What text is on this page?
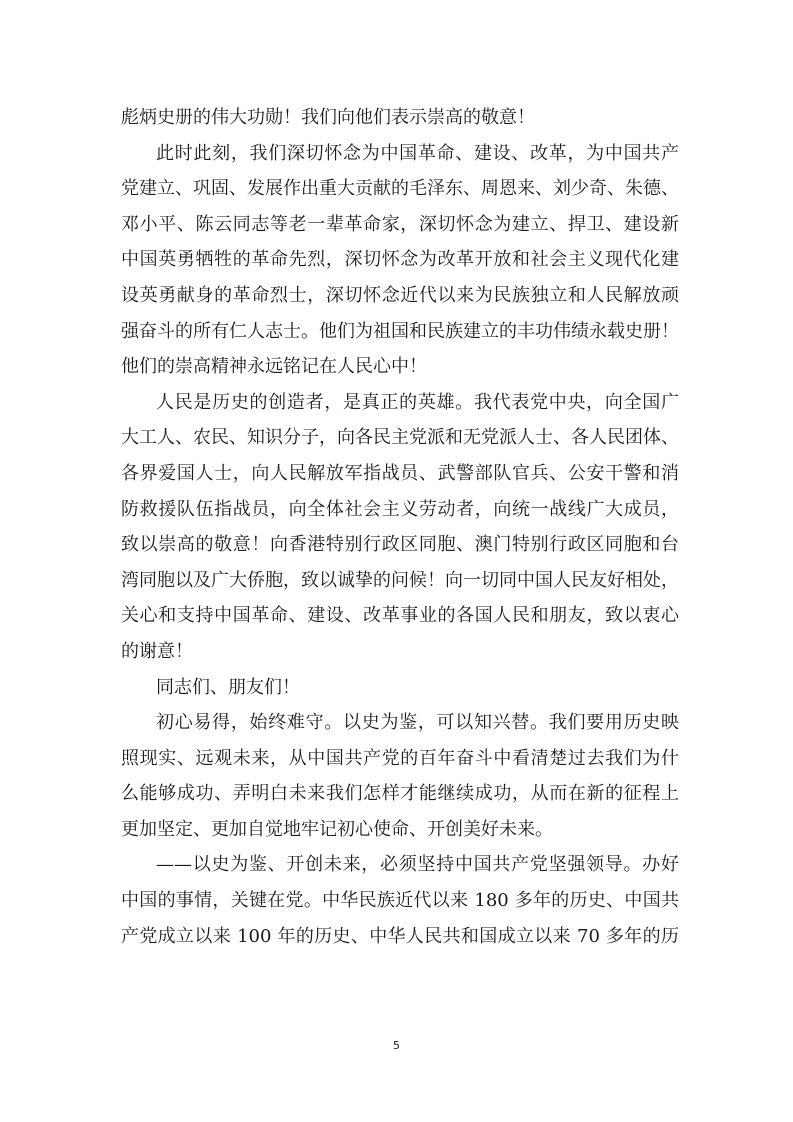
彪炳史册的伟大功勋！我们向他们表示崇高的敬意！
此时此刻，我们深切怀念为中国革命、建设、改革，为中国共产
党建立、巩固、发展作出重大贡献的毛泽东、周恩来、刘少奇、朱德、
邓小平、陈云同志等老一辈革命家，深切怀念为建立、捍卫、建设新
中国英勇牺牲的革命先烈，深切怀念为改革开放和社会主义现代化建
设英勇献身的革命烈士，深切怀念近代以来为民族独立和人民解放顽
强奋斗的所有仁人志士。他们为祖国和民族建立的丰功伟绩永载史册！
他们的崇高精神永远铭记在人民心中！
人民是历史的创造者，是真正的英雄。我代表党中央，向全国广
大工人、农民、知识分子，向各民主党派和无党派人士、各人民团体、
各界爱国人士，向人民解放军指战员、武警部队官兵、公安干警和消
防救援队伍指战员，向全体社会主义劳动者，向统一战线广大成员，
致以崇高的敬意！向香港特别行政区同胞、澳门特别行政区同胞和台
湾同胞以及广大侨胞，致以诚挚的问候！向一切同中国人民友好相处，
关心和支持中国革命、建设、改革事业的各国人民和朋友，致以衷心
的谢意！
同志们、朋友们！
初心易得，始终难守。以史为鉴，可以知兴替。我们要用历史映
照现实、远观未来，从中国共产党的百年奋斗中看清楚过去我们为什
么能够成功、弄明白未来我们怎样才能继续成功，从而在新的征程上
更加坚定、更加自觉地牢记初心使命、开创美好未来。
——以史为鉴、开创未来，必须坚持中国共产党坚强领导。办好
中国的事情，关键在党。中华民族近代以来 180 多年的历史、中国共
产党成立以来 100 年的历史、中华人民共和国成立以来 70 多年的历
5
